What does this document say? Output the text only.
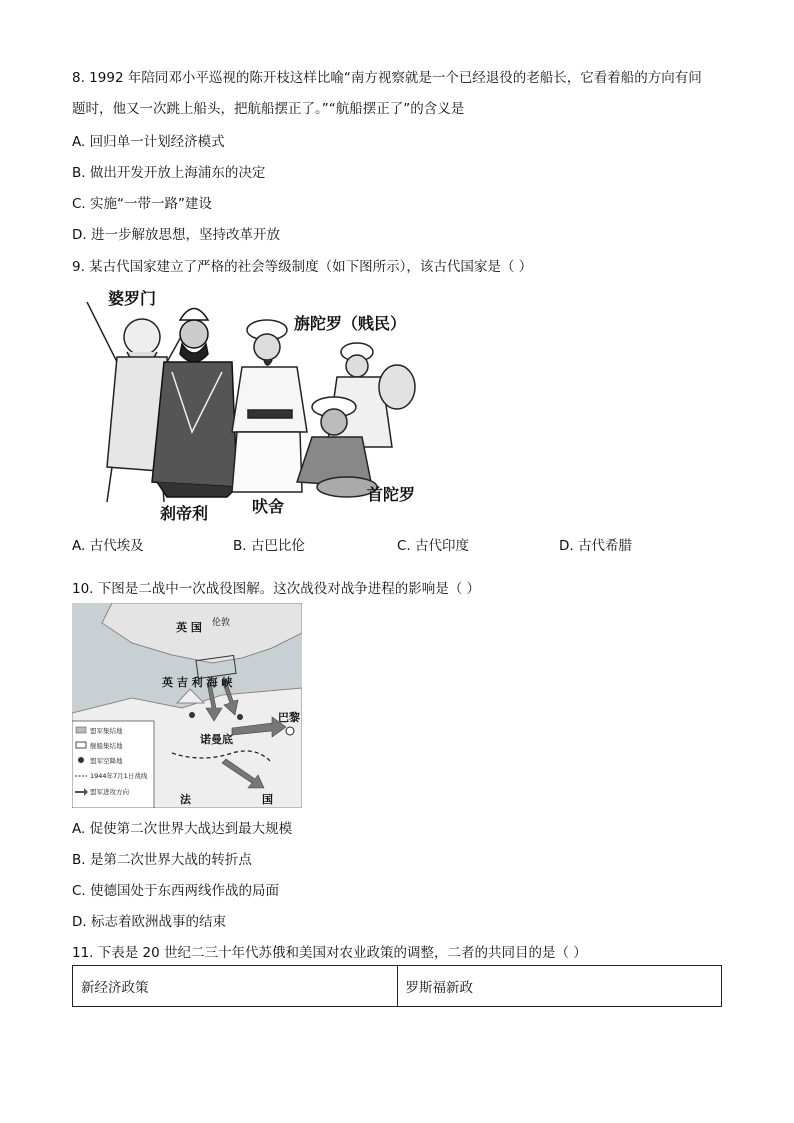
8. 1992 年陪同邓小平巡视的陈开枝这样比喻“南方视察就是一个已经退役的老船长，它看着船的方向有问
题时，他又一次跳上船头，把航船摆正了。”“航船摆正了”的含义是
A. 回归单一计划经济模式
B. 做出开发开放上海浦东的决定
C. 实施“一带一路”建设
D. 进一步解放思想，坚持改革开放
9. 某古代国家建立了严格的社会等级制度（如下图所示），该古代国家是（ ）
婆罗门
旃陀罗（贱民）
吠舍
刹帝利
首陀罗
A. 古代埃及	B. 古巴比伦	C. 古代印度	D. 古代希腊
10. 下图是二战中一次战役图解。这次战役对战争进程的影响是（ ）
盟军集结地
舰船集结地
盟军空降地
1944年7月1日战线
盟军进攻方向
英 国 伦敦
英 吉 利 海 峡
诺曼底
巴黎
法	国
A. 促使第二次世界大战达到最大规模
B. 是第二次世界大战的转折点
C. 使德国处于东西两线作战的局面
D. 标志着欧洲战事的结束
11. 下表是 20 世纪二三十年代苏俄和美国对农业政策的调整，二者的共同目的是（ ）
新经济政策	罗斯福新政
